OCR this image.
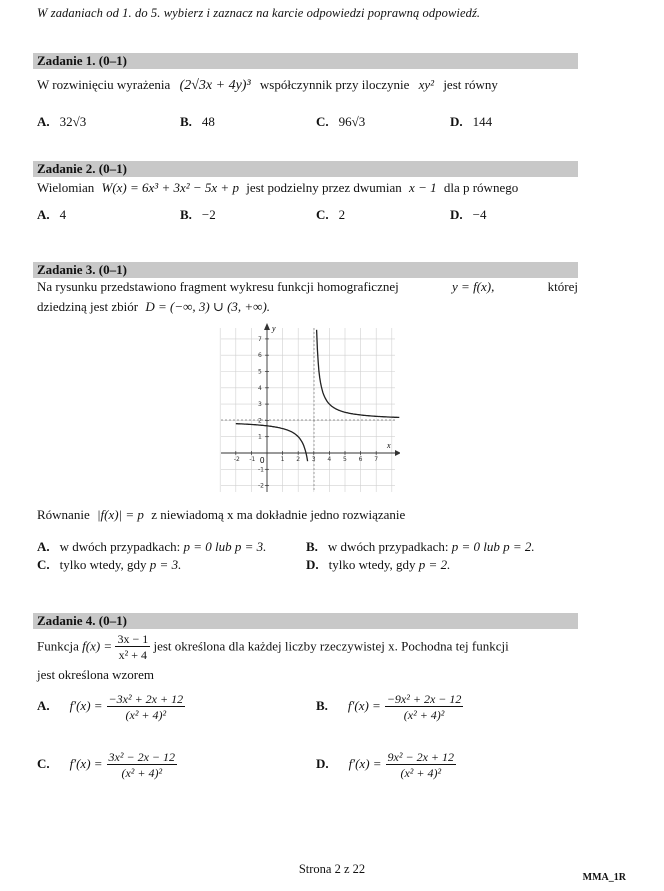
W zadaniach od 1. do 5. wybierz i zaznacz na karcie odpowiedzi poprawną odpowiedź.
Zadanie 1. (0–1)
W rozwinięciu wyrażenia (2√3x + 4y)³ współczynnik przy iloczynie xy² jest równy
A. 32√3	B. 48	C. 96√3	D. 144
Zadanie 2. (0–1)
Wielomian W(x) = 6x³ + 3x² − 5x + p jest podzielny przez dwumian x − 1 dla p równego
A. 4	B. −2	C. 2	D. −4
Zadanie 3. (0–1)
Na rysunku przedstawiono fragment wykresu funkcji homograficznej	y = f(x),	której
dziedziną jest zbiór D = (−∞, 3) ∪ (3, +∞).
-2 -1	1 2 3 4 5 6 7
7
6
5
4
3
2
1
-1
-2
y
x
0
Równanie |f(x)| = p z niewiadomą x ma dokładnie jedno rozwiązanie
A. w dwóch przypadkach: p = 0 lub p = 3.	B. w dwóch przypadkach: p = 0 lub p = 2.
C. tylko wtedy, gdy p = 3.	D. tylko wtedy, gdy p = 2.
Zadanie 4. (0–1)
Funkcja $f(x) = \frac{3x - 1}{\text{x² + 4}}$ jest określona dla każdej liczby rzeczywistej x. Pochodna tej funkcji
jest określona wzorem
A. $f'(x) = \frac{\text{−3x² + 2x + 12}}{\text{(x² + 4)²}}$	B. $f'(x) = \frac{\text{−9x² + 2x − 12}}{\text{(x² + 4)²}}$
C. $f'(x) = \frac{\text{3x² − 2x − 12}}{\text{(x² + 4)²}}$	D. $f'(x) = \frac{\text{9x² − 2x + 12}}{\text{(x² + 4)²}}$
Strona 2 z 22
MMA_1R
